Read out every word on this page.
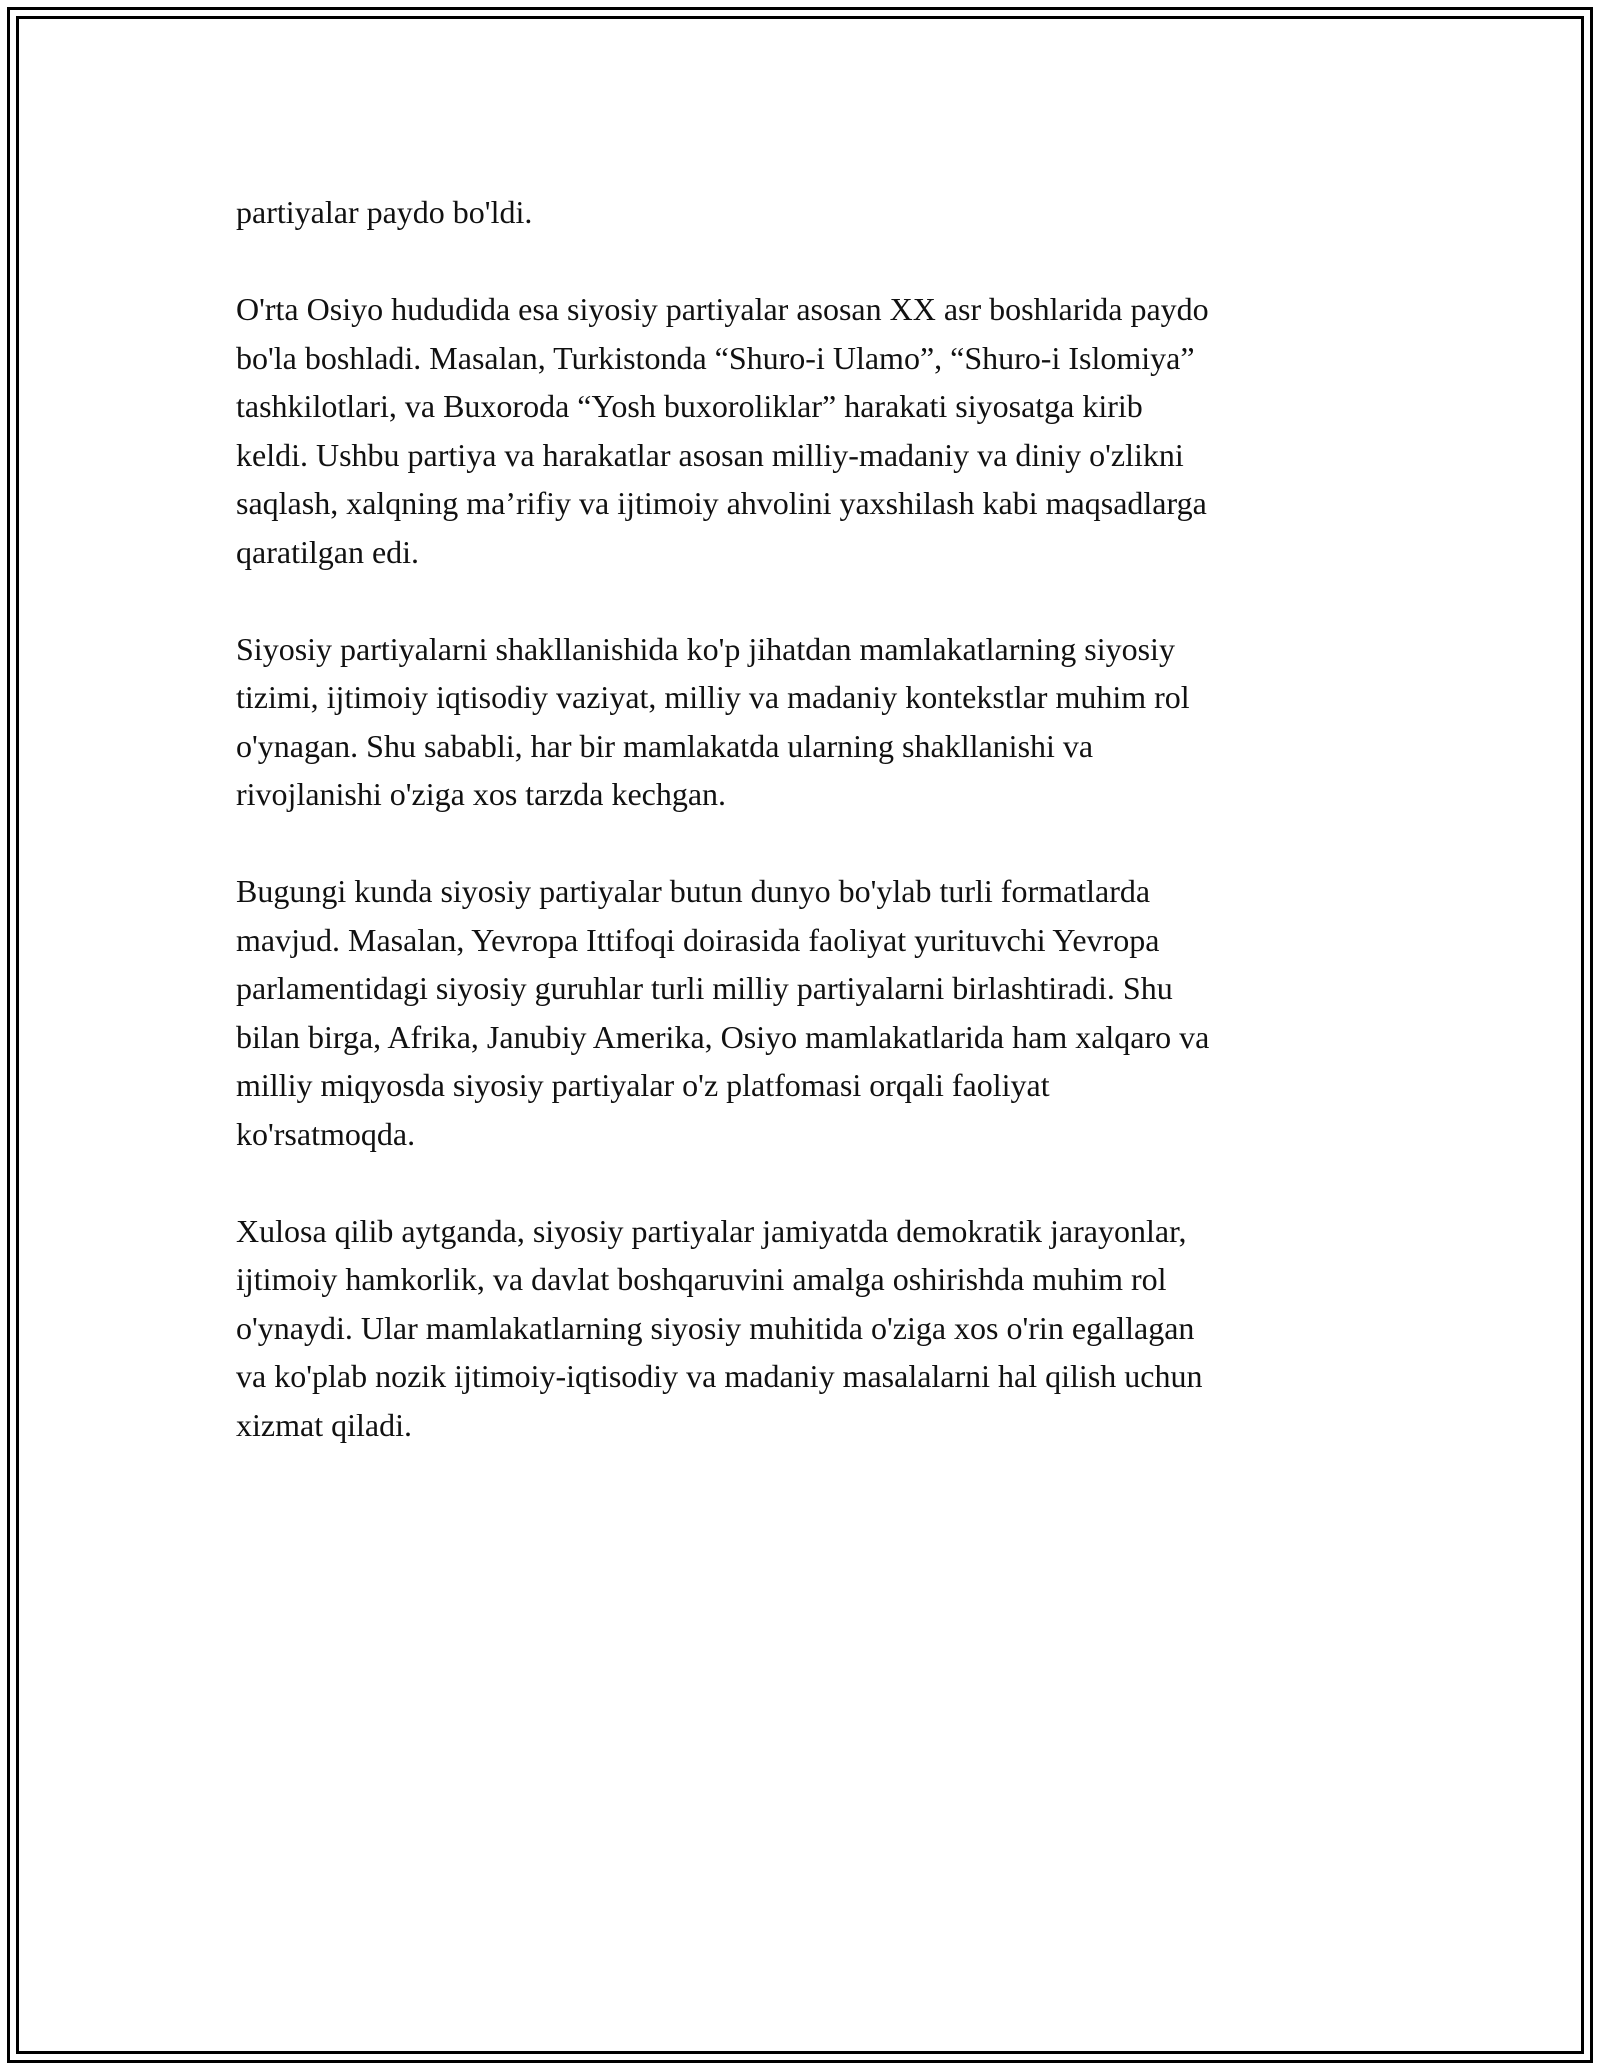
partiyalar paydo bo'ldi.

O'rta Osiyo hududida esa siyosiy partiyalar asosan XX asr boshlarida paydo
bo'la boshladi. Masalan, Turkistonda “Shuro-i Ulamo”, “Shuro-i Islomiya”
tashkilotlari, va Buxoroda “Yosh buxoroliklar” harakati siyosatga kirib
keldi. Ushbu partiya va harakatlar asosan milliy-madaniy va diniy o'zlikni
saqlash, xalqning ma’rifiy va ijtimoiy ahvolini yaxshilash kabi maqsadlarga
qaratilgan edi.

Siyosiy partiyalarni shakllanishida ko'p jihatdan mamlakatlarning siyosiy
tizimi, ijtimoiy iqtisodiy vaziyat, milliy va madaniy kontekstlar muhim rol
o'ynagan. Shu sababli, har bir mamlakatda ularning shakllanishi va
rivojlanishi o'ziga xos tarzda kechgan.

Bugungi kunda siyosiy partiyalar butun dunyo bo'ylab turli formatlarda
mavjud. Masalan, Yevropa Ittifoqi doirasida faoliyat yurituvchi Yevropa
parlamentidagi siyosiy guruhlar turli milliy partiyalarni birlashtiradi. Shu
bilan birga, Afrika, Janubiy Amerika, Osiyo mamlakatlarida ham xalqaro va
milliy miqyosda siyosiy partiyalar o'z platfomasi orqali faoliyat
ko'rsatmoqda.

Xulosa qilib aytganda, siyosiy partiyalar jamiyatda demokratik jarayonlar,
ijtimoiy hamkorlik, va davlat boshqaruvini amalga oshirishda muhim rol
o'ynaydi. Ular mamlakatlarning siyosiy muhitida o'ziga xos o'rin egallagan
va ko'plab nozik ijtimoiy-iqtisodiy va madaniy masalalarni hal qilish uchun
xizmat qiladi.
